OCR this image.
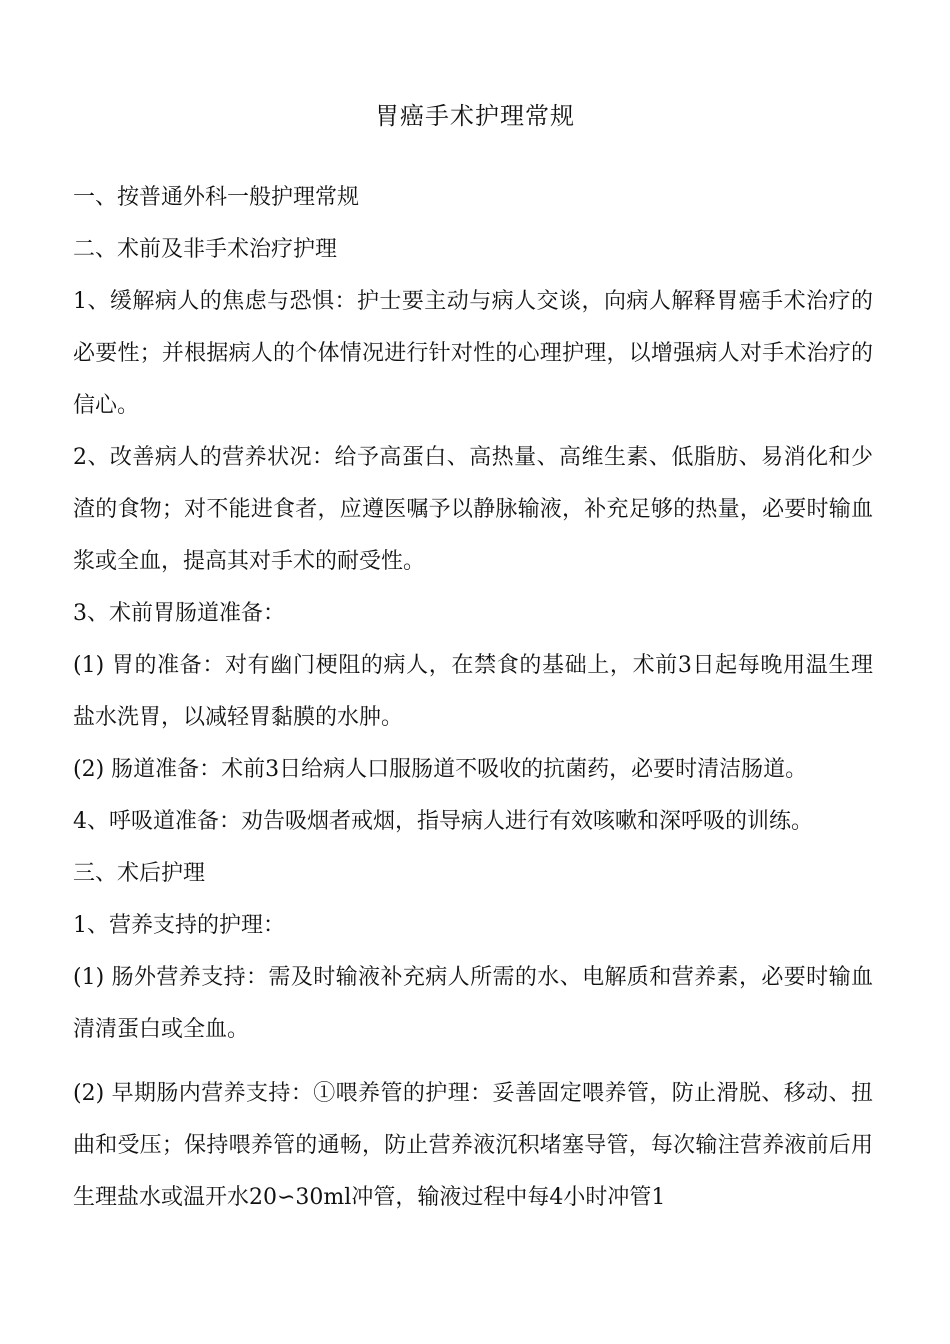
胃癌手术护理常规
一、按普通外科一般护理常规
二、术前及非手术治疗护理
1、缓解病人的焦虑与恐惧：护士要主动与病人交谈，向病人解释胃癌手术治疗的必要性；并根据病人的个体情况进行针对性的心理护理，以增强病人对手术治疗的信心。
2、改善病人的营养状况：给予高蛋白、高热量、高维生素、低脂肪、易消化和少渣的食物；对不能进食者，应遵医嘱予以静脉输液，补充足够的热量，必要时输血浆或全血，提高其对手术的耐受性。
3、术前胃肠道准备：
(1) 胃的准备：对有幽门梗阻的病人，在禁食的基础上，术前3日起每晚用温生理盐水洗胃，以减轻胃黏膜的水肿。
(2) 肠道准备：术前3日给病人口服肠道不吸收的抗菌药，必要时清洁肠道。
4、呼吸道准备：劝告吸烟者戒烟，指导病人进行有效咳嗽和深呼吸的训练。
三、术后护理
1、营养支持的护理：
(1) 肠外营养支持：需及时输液补充病人所需的水、电解质和营养素，必要时输血清清蛋白或全血。
(2) 早期肠内营养支持：①喂养管的护理：妥善固定喂养管，防止滑脱、移动、扭曲和受压；保持喂养管的通畅，防止营养液沉积堵塞导管，每次输注营养液前后用生理盐水或温开水20∽30ml冲管，输液过程中每4小时冲管1
